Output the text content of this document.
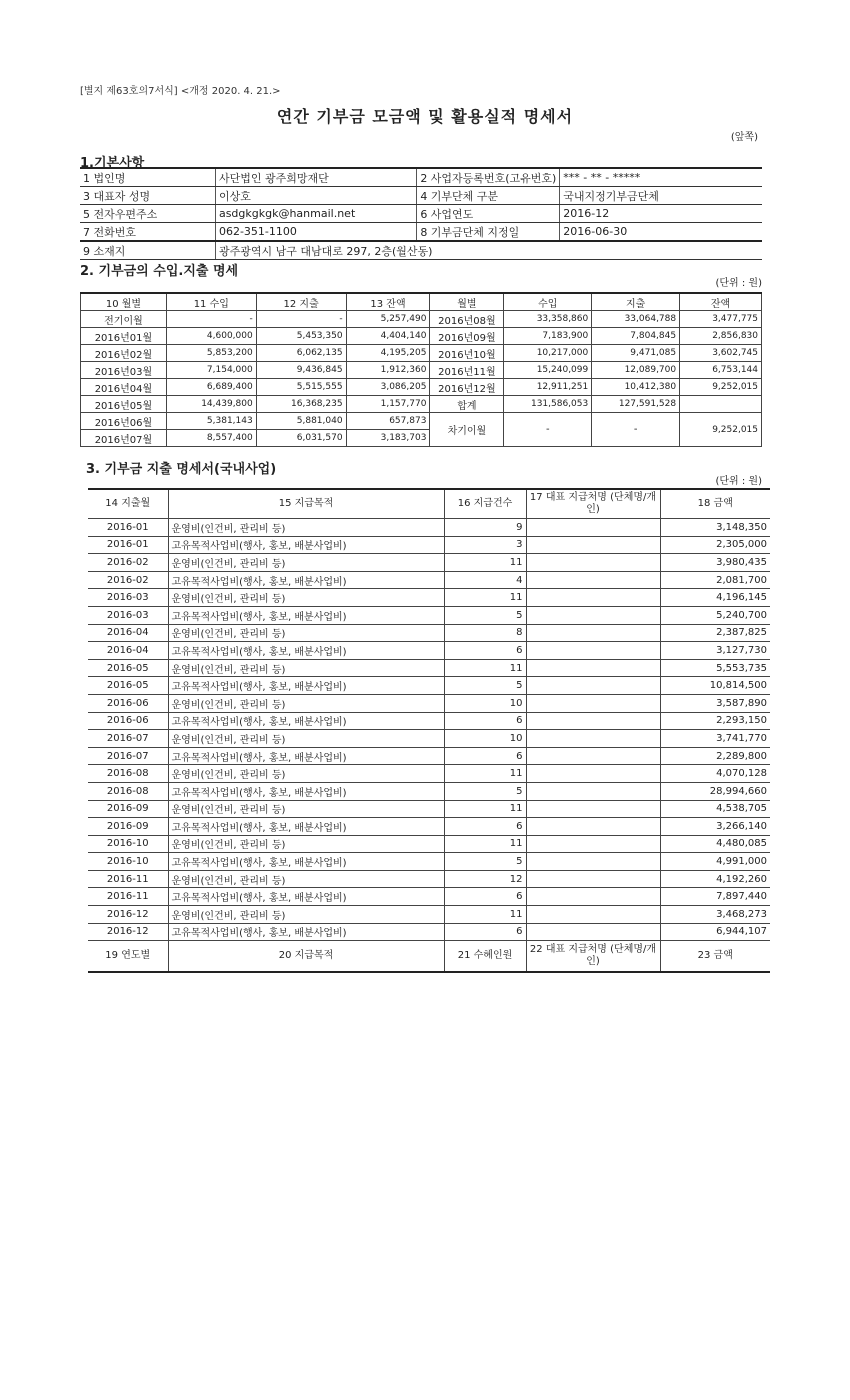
[별지 제63호의7서식] <개정 2020. 4. 21.>
연간 기부금 모금액 및 활용실적 명세서
(앞쪽)
1.기본사항
1 법인명	사단법인 광주희망재단	2 사업자등록번호(고유번호)	*** - ** - *****
3 대표자 성명	이상호	4 기부단체 구분	국내지정기부금단체
5 전자우편주소	asdgkgkgk@hanmail.net	6 사업연도	2016-12
7 전화번호	062-351-1100	8 기부금단체 지정일	2016-06-30
9 소재지	광주광역시 남구 대남대로 297, 2층(월산동)		
2. 기부금의 수입.지출 명세
(단위 : 원)
10 월별	11 수입	12 지출	13 잔액	월별	수입	지출	잔액
전기이월	-	-	5,257,490	2016년08월	33,358,860	33,064,788	3,477,775
2016년01월	4,600,000	5,453,350	4,404,140	2016년09월	7,183,900	7,804,845	2,856,830
2016년02월	5,853,200	6,062,135	4,195,205	2016년10월	10,217,000	9,471,085	3,602,745
2016년03월	7,154,000	9,436,845	1,912,360	2016년11월	15,240,099	12,089,700	6,753,144
2016년04월	6,689,400	5,515,555	3,086,205	2016년12월	12,911,251	10,412,380	9,252,015
2016년05월	14,439,800	16,368,235	1,157,770	합계	131,586,053	127,591,528	
2016년06월	5,381,143	5,881,040	657,873	차기이월	-	-	9,252,015
2016년07월	8,557,400	6,031,570	3,183,703				
3. 기부금 지출 명세서(국내사업)
(단위 : 원)
14 지출월	15 지급목적	16 지급건수	17 대표 지급처명 (단체명/개인)	18 금액
2016-01	운영비(인건비, 관리비 등)	9		3,148,350
2016-01	고유목적사업비(행사, 홍보, 배분사업비)	3		2,305,000
2016-02	운영비(인건비, 관리비 등)	11		3,980,435
2016-02	고유목적사업비(행사, 홍보, 배분사업비)	4		2,081,700
2016-03	운영비(인건비, 관리비 등)	11		4,196,145
2016-03	고유목적사업비(행사, 홍보, 배분사업비)	5		5,240,700
2016-04	운영비(인건비, 관리비 등)	8		2,387,825
2016-04	고유목적사업비(행사, 홍보, 배분사업비)	6		3,127,730
2016-05	운영비(인건비, 관리비 등)	11		5,553,735
2016-05	고유목적사업비(행사, 홍보, 배분사업비)	5		10,814,500
2016-06	운영비(인건비, 관리비 등)	10		3,587,890
2016-06	고유목적사업비(행사, 홍보, 배분사업비)	6		2,293,150
2016-07	운영비(인건비, 관리비 등)	10		3,741,770
2016-07	고유목적사업비(행사, 홍보, 배분사업비)	6		2,289,800
2016-08	운영비(인건비, 관리비 등)	11		4,070,128
2016-08	고유목적사업비(행사, 홍보, 배분사업비)	5		28,994,660
2016-09	운영비(인건비, 관리비 등)	11		4,538,705
2016-09	고유목적사업비(행사, 홍보, 배분사업비)	6		3,266,140
2016-10	운영비(인건비, 관리비 등)	11		4,480,085
2016-10	고유목적사업비(행사, 홍보, 배분사업비)	5		4,991,000
2016-11	운영비(인건비, 관리비 등)	12		4,192,260
2016-11	고유목적사업비(행사, 홍보, 배분사업비)	6		7,897,440
2016-12	운영비(인건비, 관리비 등)	11		3,468,273
2016-12	고유목적사업비(행사, 홍보, 배분사업비)	6		6,944,107
19 연도별	20 지급목적	21 수혜인원	22 대표 지급처명 (단체명/개인)	23 금액
